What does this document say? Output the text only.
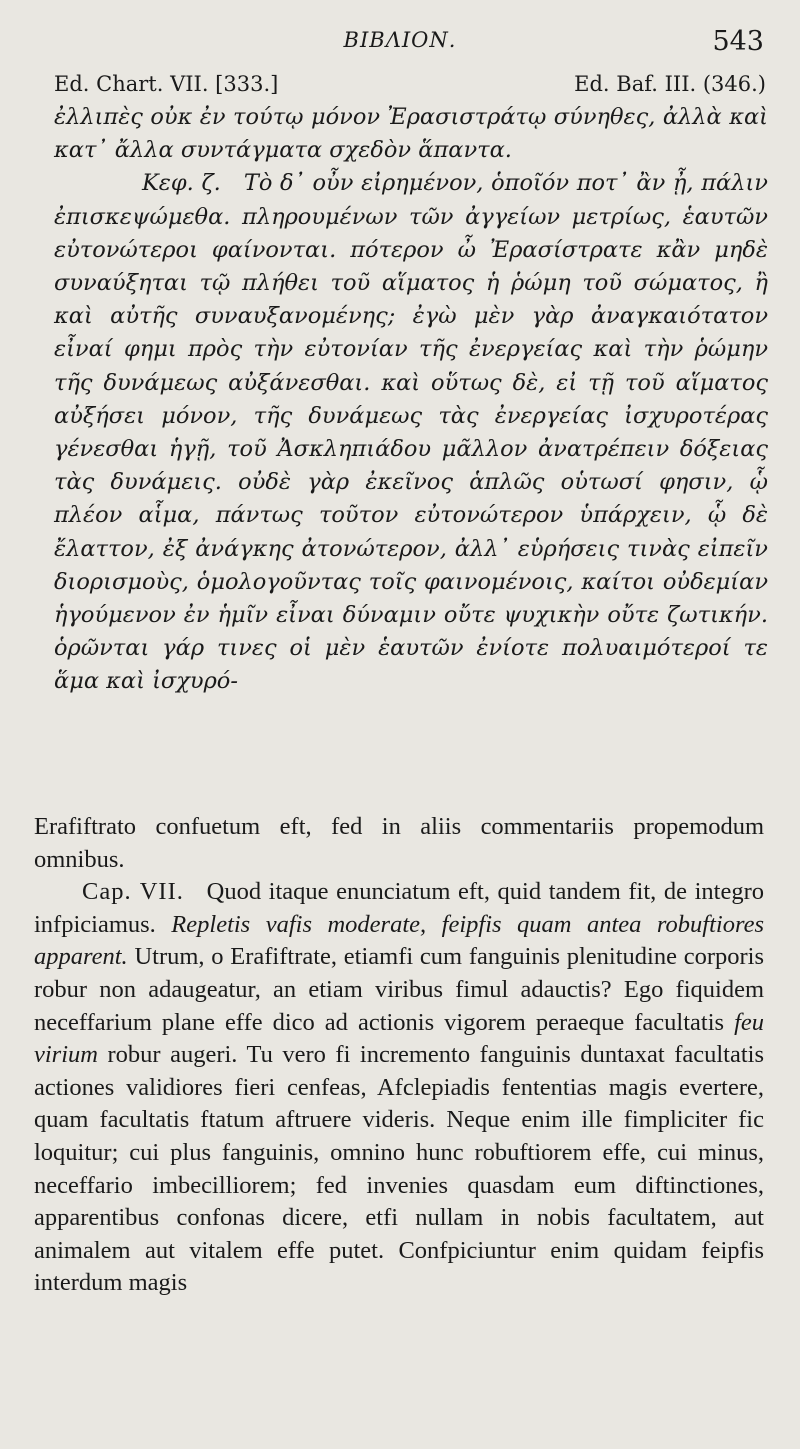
ΒΙΒΛΙΟΝ.	543
Ed. Chart. VII. [333.]	Ed. Baf. III. (346.)

ἐλλιπὲς οὐκ ἐν τούτῳ μόνον Ἐρασιστράτῳ σύνηθες, ἀλλὰ καὶ κατ᾽ ἄλλα συντάγματα σχεδὸν ἅπαντα.

Κεφ. ζ. Τὸ δ᾽ οὖν εἰρημένον, ὁποῖόν ποτ᾽ ἂν ᾖ, πάλιν ἐπισκεψώμεθα. πληρουμένων τῶν ἀγγείων μετρίως, ἑαυτῶν εὐτονώτεροι φαίνονται. πότερον ὦ Ἐρασίστρατε κἂν μηδὲ συναύξηται τῷ πλήθει τοῦ αἵματος ἡ ῥώμη τοῦ σώματος, ἢ καὶ αὐτῆς συναυξανομένης; ἐγὼ μὲν γὰρ ἀναγκαιότατον εἶναί φημι πρὸς τὴν εὐτονίαν τῆς ἐνεργείας καὶ τὴν ῥώμην τῆς δυνάμεως αὐξάνεσθαι. καὶ οὕτως δὲ, εἰ τῇ τοῦ αἵματος αὐξήσει μόνον, τῆς δυνάμεως τὰς ἐνεργείας ἰσχυροτέρας γένεσθαι ἡγῇ, τοῦ Ἀσκληπιάδου μᾶλλον ἀνατρέπειν δόξειας τὰς δυνάμεις. οὐδὲ γὰρ ἐκεῖνος ἁπλῶς οὑτωσί φησιν, ᾧ πλέον αἷμα, πάντως τοῦτον εὐτονώτερον ὑπάρχειν, ᾧ δὲ ἔλαττον, ἐξ ἀνάγκης ἀτονώτερον, ἀλλ᾽ εὑρήσεις τινὰς εἰπεῖν διορισμοὺς, ὁμολογοῦντας τοῖς φαινομένοις, καίτοι οὐδεμίαν ἡγούμενον ἐν ἡμῖν εἶναι δύναμιν οὔτε ψυχικὴν οὔτε ζωτικήν. ὁρῶνται γάρ τινες οἱ μὲν ἑαυτῶν ἐνίοτε πολυαιμότεροί τε ἅμα καὶ ἰσχυρό-

Erafiftrato confuetum eft, fed in aliis commentariis propemodum omnibus.

Cap. VII. Quod itaque enunciatum eft, quid tandem fit, de integro infpiciamus. Repletis vafis moderate, feipfis quam antea robuftiores apparent. Utrum, o Erafiftrate, etiamfi cum fanguinis plenitudine corporis robur non adaugeatur, an etiam viribus fimul adauctis? Ego fiquidem neceffarium plane effe dico ad actionis vigorem peraeque facultatis feu virium robur augeri. Tu vero fi incremento fanguinis duntaxat facultatis actiones validiores fieri cenfeas, Afclepiadis fententias magis evertere, quam facultatis ftatum aftruere videris. Neque enim ille fimpliciter fic loquitur; cui plus fanguinis, omnino hunc robuftiorem effe, cui minus, neceffario imbecilliorem; fed invenies quasdam eum diftinctiones, apparentibus confonas dicere, etfi nullam in nobis facultatem, aut animalem aut vitalem effe putet. Confpiciuntur enim quidam feipfis interdum magis
